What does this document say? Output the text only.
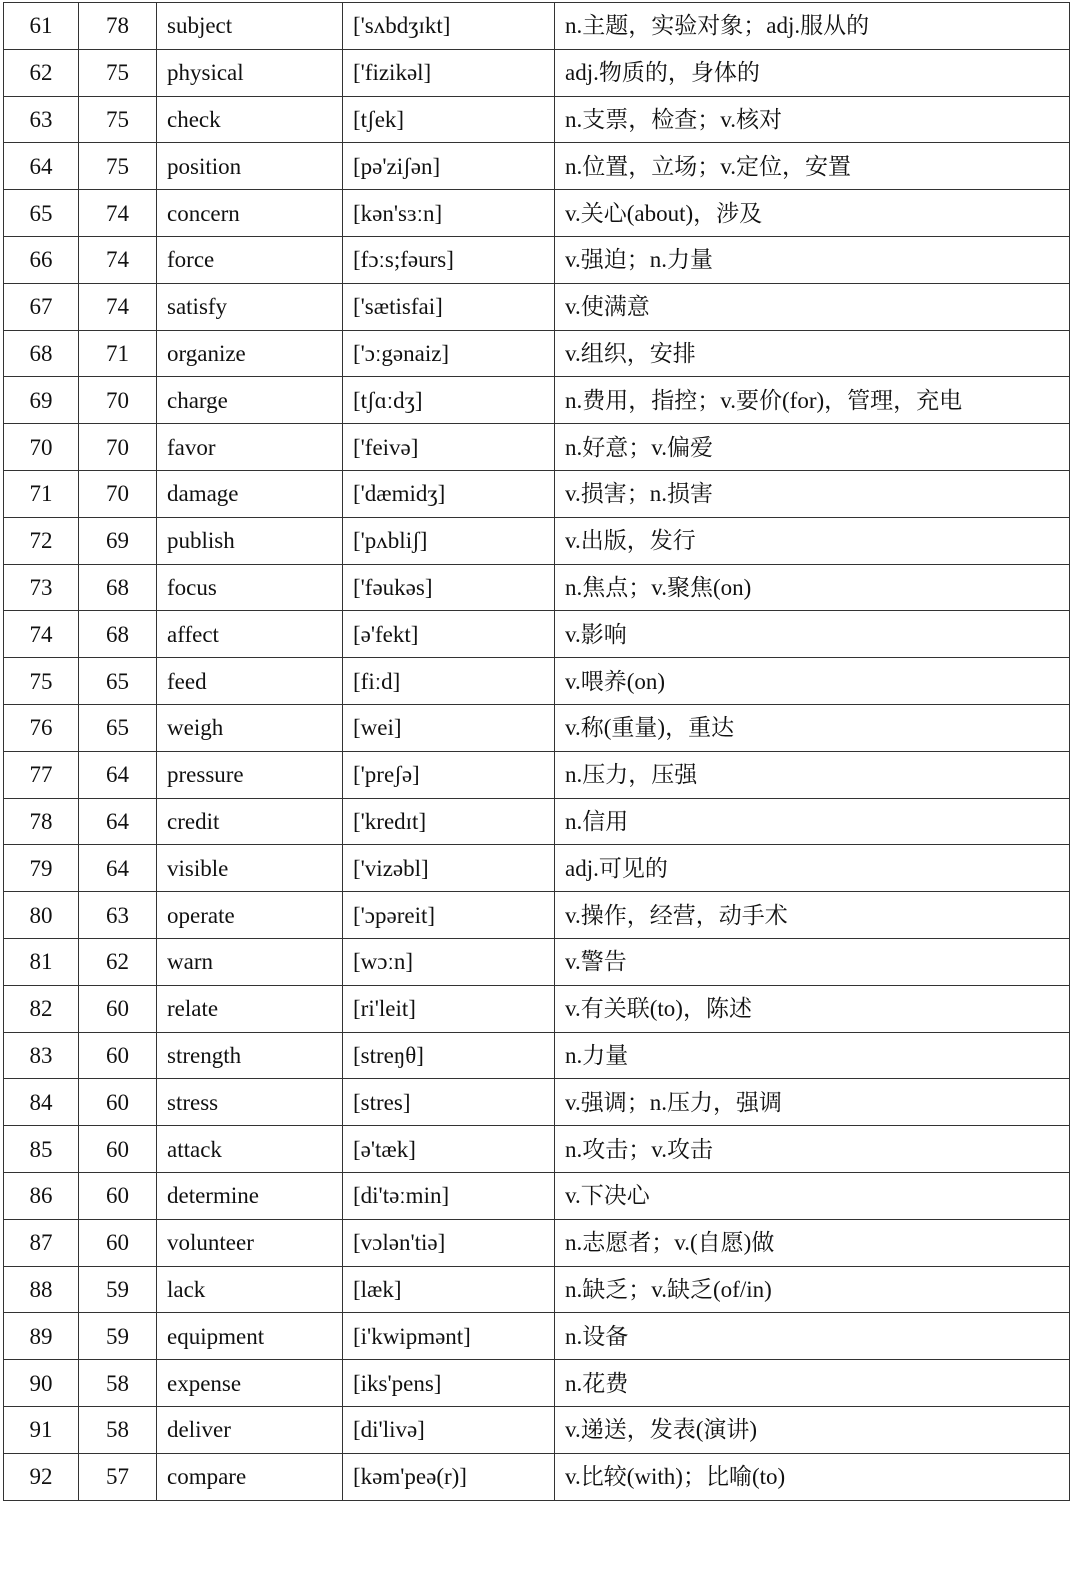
61	78	subject	['sʌbdʒɪkt]	n.主题，实验对象；adj.服从的
62	75	physical	['fizikəl]	adj.物质的，身体的
63	75	check	[tʃek]	n.支票，检查；v.核对
64	75	position	[pə'ziʃən]	n.位置，立场；v.定位，安置
65	74	concern	[kən'sɜːn]	v.关心(about)，涉及
66	74	force	[fɔːs;fəurs]	v.强迫；n.力量
67	74	satisfy	['sætisfai]	v.使满意
68	71	organize	['ɔːgənaiz]	v.组织，安排
69	70	charge	[tʃɑːdʒ]	n.费用，指控；v.要价(for)，管理，充电
70	70	favor	['feivə]	n.好意；v.偏爱
71	70	damage	['dæmidʒ]	v.损害；n.损害
72	69	publish	['pʌbliʃ]	v.出版，发行
73	68	focus	['fəukəs]	n.焦点；v.聚焦(on)
74	68	affect	[ə'fekt]	v.影响
75	65	feed	[fiːd]	v.喂养(on)
76	65	weigh	[wei]	v.称(重量)，重达
77	64	pressure	['preʃə]	n.压力，压强
78	64	credit	['kredɪt]	n.信用
79	64	visible	['vizəbl]	adj.可见的
80	63	operate	['ɔpəreit]	v.操作，经营，动手术
81	62	warn	[wɔːn]	v.警告
82	60	relate	[ri'leit]	v.有关联(to)，陈述
83	60	strength	[streŋθ]	n.力量
84	60	stress	[stres]	v.强调；n.压力，强调
85	60	attack	[ə'tæk]	n.攻击；v.攻击
86	60	determine	[di'təːmin]	v.下决心
87	60	volunteer	[vɔlən'tiə]	n.志愿者；v.(自愿)做
88	59	lack	[læk]	n.缺乏；v.缺乏(of/in)
89	59	equipment	[i'kwipmənt]	n.设备
90	58	expense	[iks'pens]	n.花费
91	58	deliver	[di'livə]	v.递送，发表(演讲)
92	57	compare	[kəm'peə(r)]	v.比较(with)；比喻(to)
